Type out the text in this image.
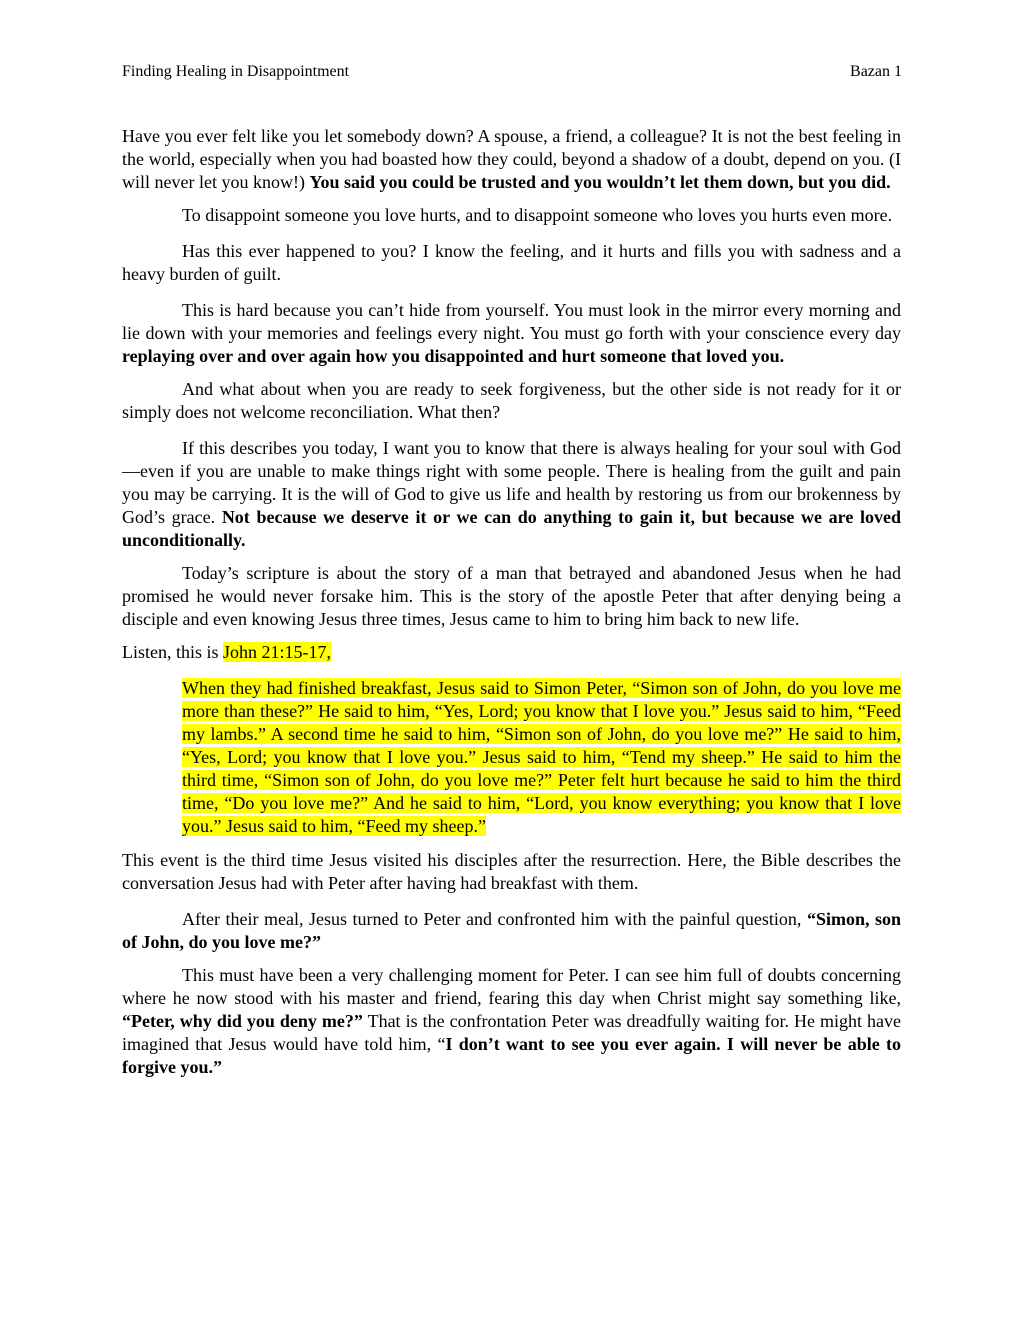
Finding Healing in Disappointment	Bazan 1

Have you ever felt like you let somebody down? A spouse, a friend, a colleague? It is not the best feeling in the world, especially when you had boasted how they could, beyond a shadow of a doubt, depend on you. (I will never let you know!) You said you could be trusted and you wouldn’t let them down, but you did.

To disappoint someone you love hurts, and to disappoint someone who loves you hurts even more.

Has this ever happened to you? I know the feeling, and it hurts and fills you with sadness and a heavy burden of guilt.

This is hard because you can’t hide from yourself. You must look in the mirror every morning and lie down with your memories and feelings every night. You must go forth with your conscience every day replaying over and over again how you disappointed and hurt someone that loved you.

And what about when you are ready to seek forgiveness, but the other side is not ready for it or simply does not welcome reconciliation. What then?

If this describes you today, I want you to know that there is always healing for your soul with God—even if you are unable to make things right with some people. There is healing from the guilt and pain you may be carrying. It is the will of God to give us life and health by restoring us from our brokenness by God’s grace. Not because we deserve it or we can do anything to gain it, but because we are loved unconditionally.

Today’s scripture is about the story of a man that betrayed and abandoned Jesus when he had promised he would never forsake him. This is the story of the apostle Peter that after denying being a disciple and even knowing Jesus three times, Jesus came to him to bring him back to new life.

Listen, this is John 21:15-17,

When they had finished breakfast, Jesus said to Simon Peter, “Simon son of John, do you love me more than these?” He said to him, “Yes, Lord; you know that I love you.” Jesus said to him, “Feed my lambs.” A second time he said to him, “Simon son of John, do you love me?” He said to him, “Yes, Lord; you know that I love you.” Jesus said to him, “Tend my sheep.” He said to him the third time, “Simon son of John, do you love me?” Peter felt hurt because he said to him the third time, “Do you love me?” And he said to him, “Lord, you know everything; you know that I love you.” Jesus said to him, “Feed my sheep.”

This event is the third time Jesus visited his disciples after the resurrection. Here, the Bible describes the conversation Jesus had with Peter after having had breakfast with them.

After their meal, Jesus turned to Peter and confronted him with the painful question, “Simon, son of John, do you love me?”

This must have been a very challenging moment for Peter. I can see him full of doubts concerning where he now stood with his master and friend, fearing this day when Christ might say something like, “Peter, why did you deny me?” That is the confrontation Peter was dreadfully waiting for. He might have imagined that Jesus would have told him, “I don’t want to see you ever again. I will never be able to forgive you.”
